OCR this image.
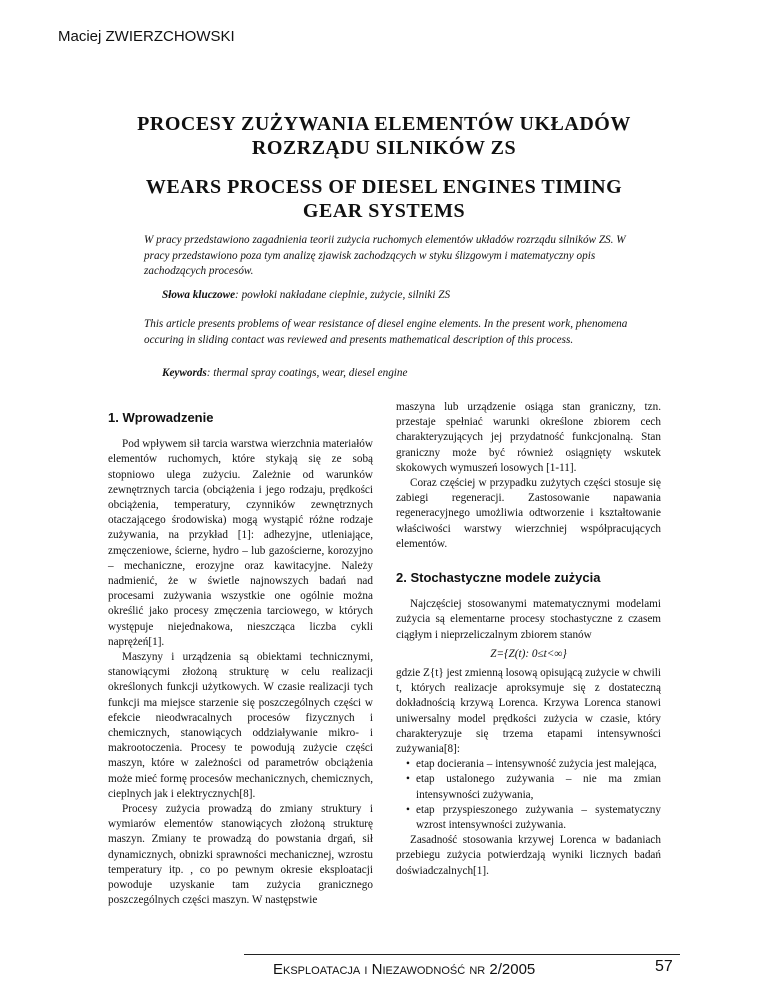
Maciej ZWIERZCHOWSKI
PROCESY ZUŻYWANIA ELEMENTÓW UKŁADÓW
ROZRZĄDU SILNIKÓW ZS
WEARS PROCESS OF DIESEL ENGINES TIMING
GEAR SYSTEMS
W pracy przedstawiono zagadnienia teorii zużycia ruchomych elementów układów rozrządu silników ZS. W pracy przedstawiono poza tym analizę zjawisk zachodzących w styku ślizgowym i matematyczny opis zachodzących procesów.
Słowa kluczowe: powłoki nakładane cieplnie, zużycie, silniki ZS
This article presents problems of wear resistance of diesel engine elements. In the present work, phenomena occuring in sliding contact was reviewed and presents mathematical description of this process.
Keywords: thermal spray coatings, wear, diesel engine
1. Wprowadzenie

Pod wpływem sił tarcia warstwa wierzchnia materiałów elementów ruchomych, które stykają się ze sobą stopniowo ulega zużyciu. Zależnie od warunków zewnętrznych tarcia (obciążenia i jego rodzaju, prędkości obciążenia, temperatury, czynników zewnętrznych otaczającego środowiska) mogą wystąpić różne rodzaje zużywania, na przykład [1]: adhezyjne, utleniające, zmęczeniowe, ścierne, hydro – lub gazościerne, korozyjno – mechaniczne, erozyjne oraz kawitacyjne. Należy nadmienić, że w świetle najnowszych badań nad procesami zużywania wszystkie one ogólnie można określić jako procesy zmęczenia tarciowego, w których występuje niejednakowa, nieszcząca liczba cykli naprężeń[1].

Maszyny i urządzenia są obiektami technicznymi, stanowiącymi złożoną strukturę w celu realizacji określonych funkcji użytkowych. W czasie realizacji tych funkcji ma miejsce starzenie się poszczególnych części w efekcie nieodwracalnych procesów fizycznych i chemicznych, stanowiących oddziaływanie mikro- i makrootoczenia. Procesy te powodują zużycie części maszyn, które w zależności od parametrów obciążenia może mieć formę procesów mechanicznych, chemicznych, cieplnych jak i elektrycznych[8].

Procesy zużycia prowadzą do zmiany struktury i wymiarów elementów stanowiących złożoną strukturę maszyn. Zmiany te prowadzą do powstania drgań, sił dynamicznych, obnizki sprawności mechanicznej, wzrostu temperatury itp. , co po pewnym okresie eksploatacji powoduje uzyskanie tam zużycia granicznego poszczególnych części maszyn. W następstwie

maszyna lub urządzenie osiąga stan graniczny, tzn. przestaje spełniać warunki określone zbiorem cech charakteryzujących jej przydatność funkcjonalną. Stan graniczny może być również osiągnięty wskutek skokowych wymuszeń losowych [1-11].

Coraz częściej w przypadku zużytych części stosuje się zabiegi regeneracji. Zastosowanie napawania regeneracyjnego umożliwia odtworzenie i kształtowanie właściwości warstwy wierzchniej współpracujących elementów.

2. Stochastyczne modele zużycia

Najczęściej stosowanymi matematycznymi modelami zużycia są elementarne procesy stochastyczne z czasem ciągłym i nieprzeliczalnym zbiorem stanów

Z={Z(t): 0≤t<∞}

gdzie Z{t} jest zmienną losową opisującą zużycie w chwili t, których realizacje aproksymuje się z dostateczną dokładnością krzywą Lorenca. Krzywa Lorenca stanowi uniwersalny model prędkości zużycia w czasie, który charakteryzuje się trzema etapami intensywności zużywania[8]:

• etap docierania – intensywność zużycia jest malejąca,
• etap ustalonego zużywania – nie ma zmian intensywności zużywania,
• etap przyspieszonego zużywania – systematyczny wzrost intensywności zużywania.

Zasadność stosowania krzywej Lorenca w badaniach przebiegu zużycia potwierdzają wyniki licznych badań doświadczalnych[1].

Eksploatacja i Niezawodność nr 2/2005	57
